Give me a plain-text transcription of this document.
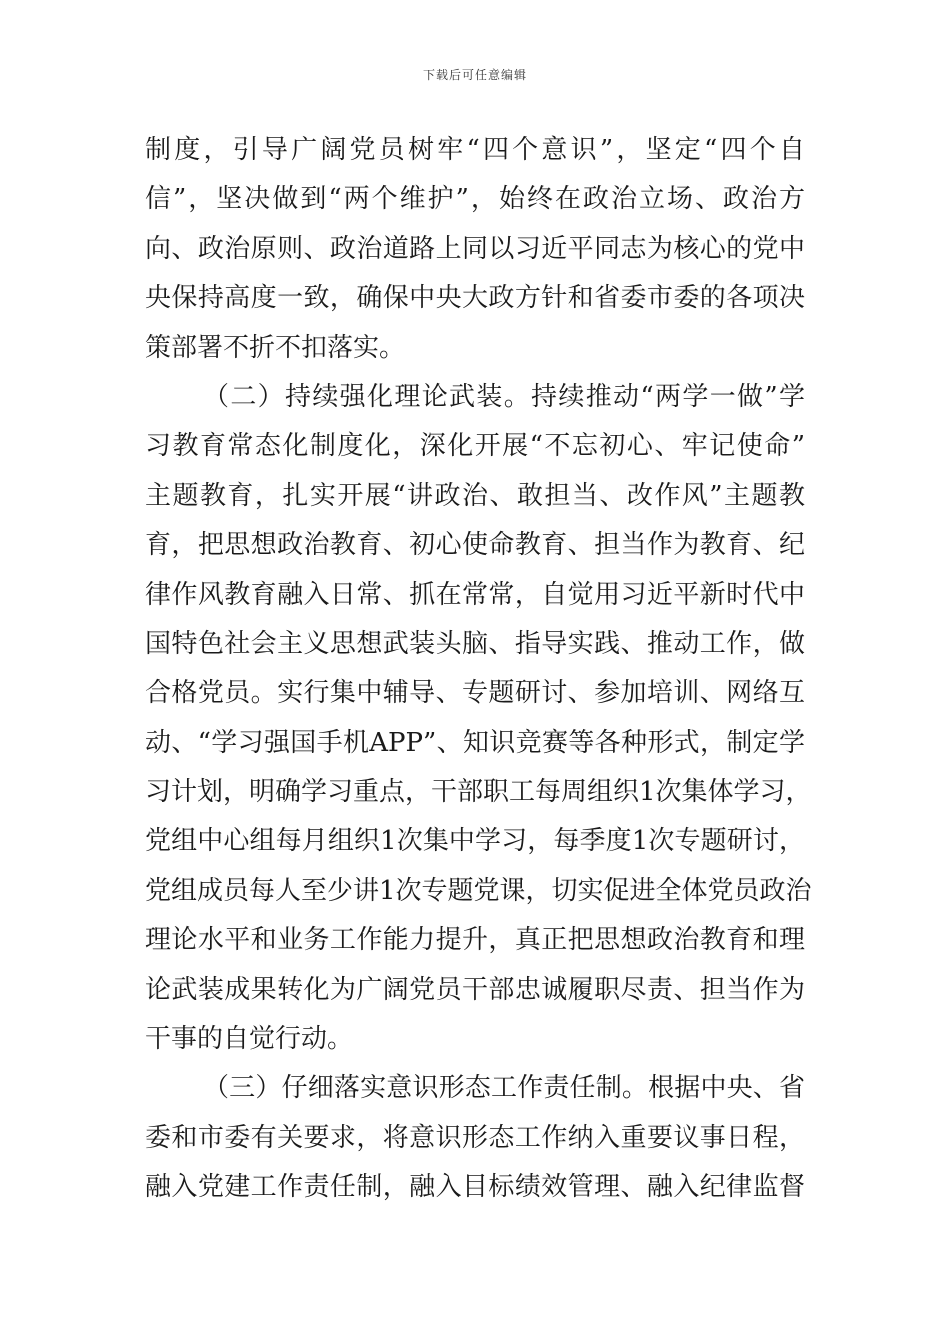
下载后可任意编辑
制度，引导广阔党员树牢“四个意识”，坚定“四个自
信”，坚决做到“两个维护”，始终在政治立场、政治方
向、政治原则、政治道路上同以习近平同志为核心的党中
央保持高度一致，确保中央大政方针和省委市委的各项决
策部署不折不扣落实。
（二）持续强化理论武装。持续推动“两学一做”学
习教育常态化制度化，深化开展“不忘初心、牢记使命”
主题教育，扎实开展“讲政治、敢担当、改作风”主题教
育，把思想政治教育、初心使命教育、担当作为教育、纪
律作风教育融入日常、抓在常常，自觉用习近平新时代中
国特色社会主义思想武装头脑、指导实践、推动工作，做
合格党员。实行集中辅导、专题研讨、参加培训、网络互
动、“学习强国手机APP”、知识竞赛等各种形式，制定学
习计划，明确学习重点，干部职工每周组织1次集体学习，
党组中心组每月组织1次集中学习，每季度1次专题研讨，
党组成员每人至少讲1次专题党课，切实促进全体党员政治
理论水平和业务工作能力提升，真正把思想政治教育和理
论武装成果转化为广阔党员干部忠诚履职尽责、担当作为
干事的自觉行动。
（三）仔细落实意识形态工作责任制。根据中央、省
委和市委有关要求，将意识形态工作纳入重要议事日程，
融入党建工作责任制，融入目标绩效管理、融入纪律监督
